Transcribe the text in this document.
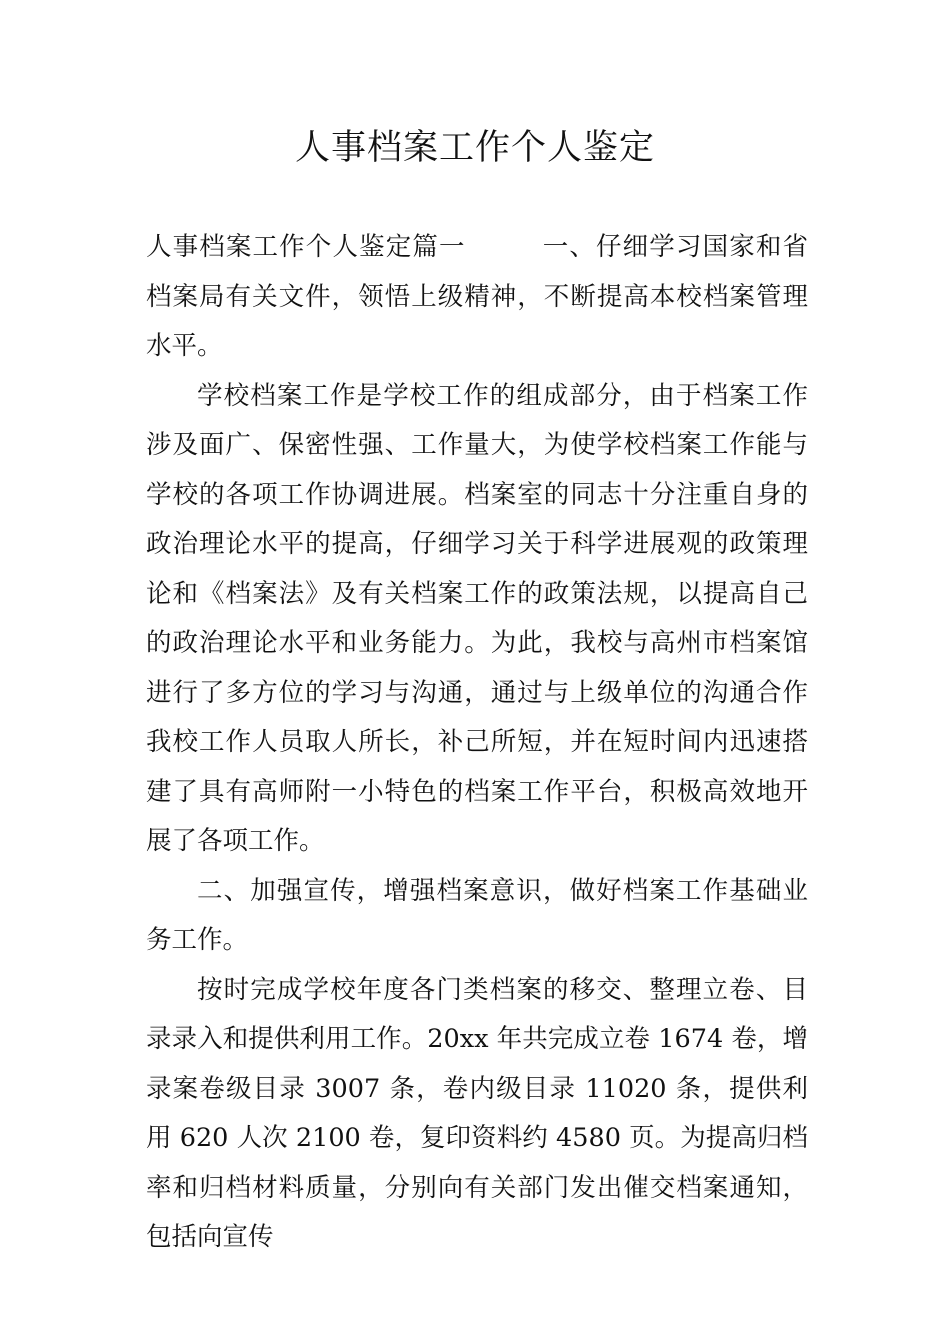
人事档案工作个人鉴定

人事档案工作个人鉴定篇一	一、仔细学习国家和省档案局有关文件，领悟上级精神，不断提高本校档案管理水平。

学校档案工作是学校工作的组成部分，由于档案工作涉及面广、保密性强、工作量大，为使学校档案工作能与学校的各项工作协调进展。档案室的同志十分注重自身的政治理论水平的提高，仔细学习关于科学进展观的政策理论和《档案法》及有关档案工作的政策法规，以提高自己的政治理论水平和业务能力。为此，我校与高州市档案馆进行了多方位的学习与沟通，通过与上级单位的沟通合作我校工作人员取人所长，补己所短，并在短时间内迅速搭建了具有高师附一小特色的档案工作平台，积极高效地开展了各项工作。

二、加强宣传，增强档案意识，做好档案工作基础业务工作。

按时完成学校年度各门类档案的移交、整理立卷、目录录入和提供利用工作。20xx 年共完成立卷 1674 卷，增录案卷级目录 3007 条，卷内级目录 11020 条，提供利用 620 人次 2100 卷，复印资料约 4580 页。为提高归档率和归档材料质量，分别向有关部门发出催交档案通知，包括向宣传
